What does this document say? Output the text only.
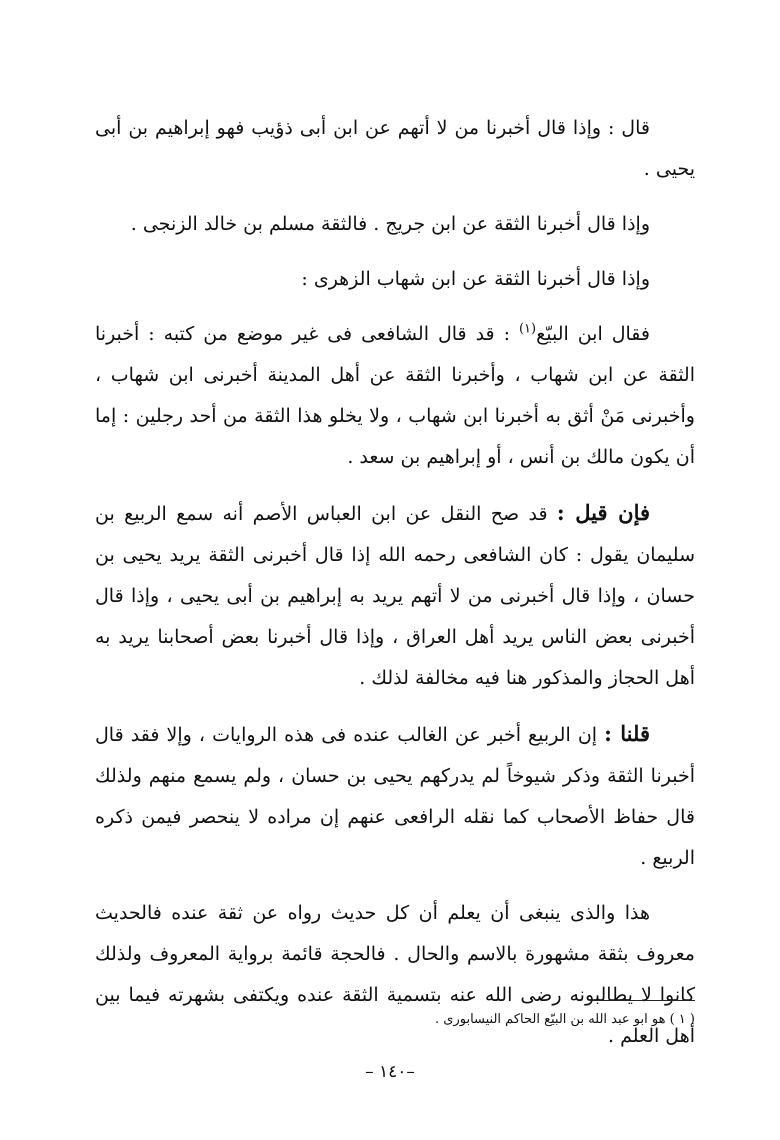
قال : وإذا قال أخبرنا من لا أتهم عن ابن أبى ذؤيب فهو إبراهيم بن أبى يحيى .

وإذا قال أخبرنا الثقة عن ابن جريج . فالثقة مسلم بن خالد الزنجى .

وإذا قال أخبرنا الثقة عن ابن شهاب الزهرى :

فقال ابن البيّع$^{(١)}$ : قد قال الشافعى فى غير موضع من كتبه : أخبرنا الثقة عن ابن شهاب ، وأخبرنا الثقة عن أهل المدينة أخبرنى ابن شهاب ، وأخبرنى مَنْ أثق به أخبرنا ابن شهاب ، ولا يخلو هذا الثقة من أحد رجلين : إما أن يكون مالك بن أنس ، أو إبراهيم بن سعد .

فإن قيل : قد صح النقل عن ابن العباس الأصم أنه سمع الربيع بن سليمان يقول : كان الشافعى رحمه الله إذا قال أخبرنى الثقة يريد يحيى بن حسان ، وإذا قال أخبرنى من لا أتهم يريد به إبراهيم بن أبى يحيى ، وإذا قال أخبرنى بعض الناس يريد أهل العراق ، وإذا قال أخبرنا بعض أصحابنا يريد به أهل الحجاز والمذكور هنا فيه مخالفة لذلك .

قلنا : إن الربيع أخبر عن الغالب عنده فى هذه الروايات ، وإلا فقد قال أخبرنا الثقة وذكر شيوخاً لم يدركهم يحيى بن حسان ، ولم يسمع منهم ولذلك قال حفاظ الأصحاب كما نقله الرافعى عنهم إن مراده لا ينحصر فيمن ذكره الربيع .

هذا والذى ينبغى أن يعلم أن كل حديث رواه عن ثقة عنده فالحديث معروف بثقة مشهورة بالاسم والحال . فالحجة قائمة برواية المعروف ولذلك كانوا لا يطالبونه رضى الله عنه بتسمية الثقة عنده ويكتفى بشهرته فيما بين أهل العلم .

( ١ ) هو ابو عبد الله بن البيّع الحاكم النيسابورى .
–١٤٠ –
